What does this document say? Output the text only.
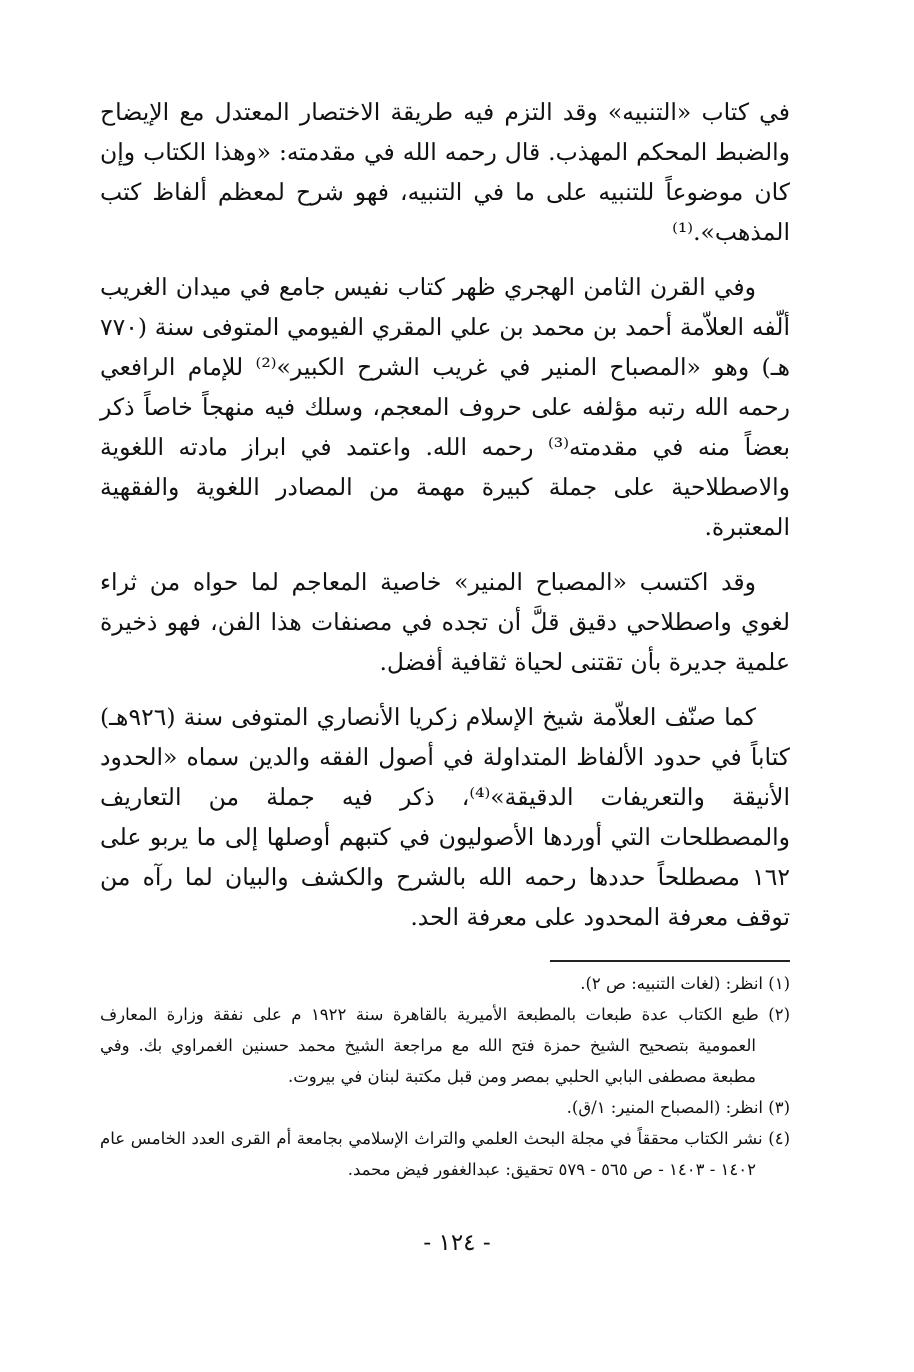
في كتاب «التنبيه» وقد التزم فيه طريقة الاختصار المعتدل مع الإيضاح والضبط المحكم المهذب. قال رحمه الله في مقدمته: «وهذا الكتاب وإن كان موضوعاً للتنبيه على ما في التنبيه، فهو شرح لمعظم ألفاظ كتب المذهب».⁽¹⁾

وفي القرن الثامن الهجري ظهر كتاب نفيس جامع في ميدان الغريب ألّفه العلاّمة أحمد بن محمد بن علي المقري الفيومي المتوفى سنة (٧٧٠ هـ) وهو «المصباح المنير في غريب الشرح الكبير»⁽²⁾ للإمام الرافعي رحمه الله رتبه مؤلفه على حروف المعجم، وسلك فيه منهجاً خاصاً ذكر بعضاً منه في مقدمته⁽³⁾ رحمه الله. واعتمد في ابراز مادته اللغوية والاصطلاحية على جملة كبيرة مهمة من المصادر اللغوية والفقهية المعتبرة.

وقد اكتسب «المصباح المنير» خاصية المعاجم لما حواه من ثراء لغوي واصطلاحي دقيق قلَّ أن تجده في مصنفات هذا الفن، فهو ذخيرة علمية جديرة بأن تقتنى لحياة ثقافية أفضل.

كما صنّف العلاّمة شيخ الإسلام زكريا الأنصاري المتوفى سنة (٩٢٦هـ) كتاباً في حدود الألفاظ المتداولة في أصول الفقه والدين سماه «الحدود الأنيقة والتعريفات الدقيقة»⁽⁴⁾، ذكر فيه جملة من التعاريف والمصطلحات التي أوردها الأصوليون في كتبهم أوصلها إلى ما يربو على ١٦٢ مصطلحاً حددها رحمه الله بالشرح والكشف والبيان لما رآه من توقف معرفة المحدود على معرفة الحد.

(١) انظر: (لغات التنبيه: ص ٢).

(٢) طبع الكتاب عدة طبعات بالمطبعة الأميرية بالقاهرة سنة ١٩٢٢ م على نفقة وزارة المعارف العمومية بتصحيح الشيخ حمزة فتح الله مع مراجعة الشيخ محمد حسنين الغمراوي بك. وفي مطبعة مصطفى البابي الحلبي بمصر ومن قبل مكتبة لبنان في بيروت.

(٣) انظر: (المصباح المنير: ١/ق).

(٤) نشر الكتاب محققاً في مجلة البحث العلمي والتراث الإسلامي بجامعة أم القرى العدد الخامس عام ١٤٠٢ - ١٤٠٣ - ص ٥٦٥ - ٥٧٩ تحقيق: عبدالغفور فيض محمد.

- ١٢٤ -
